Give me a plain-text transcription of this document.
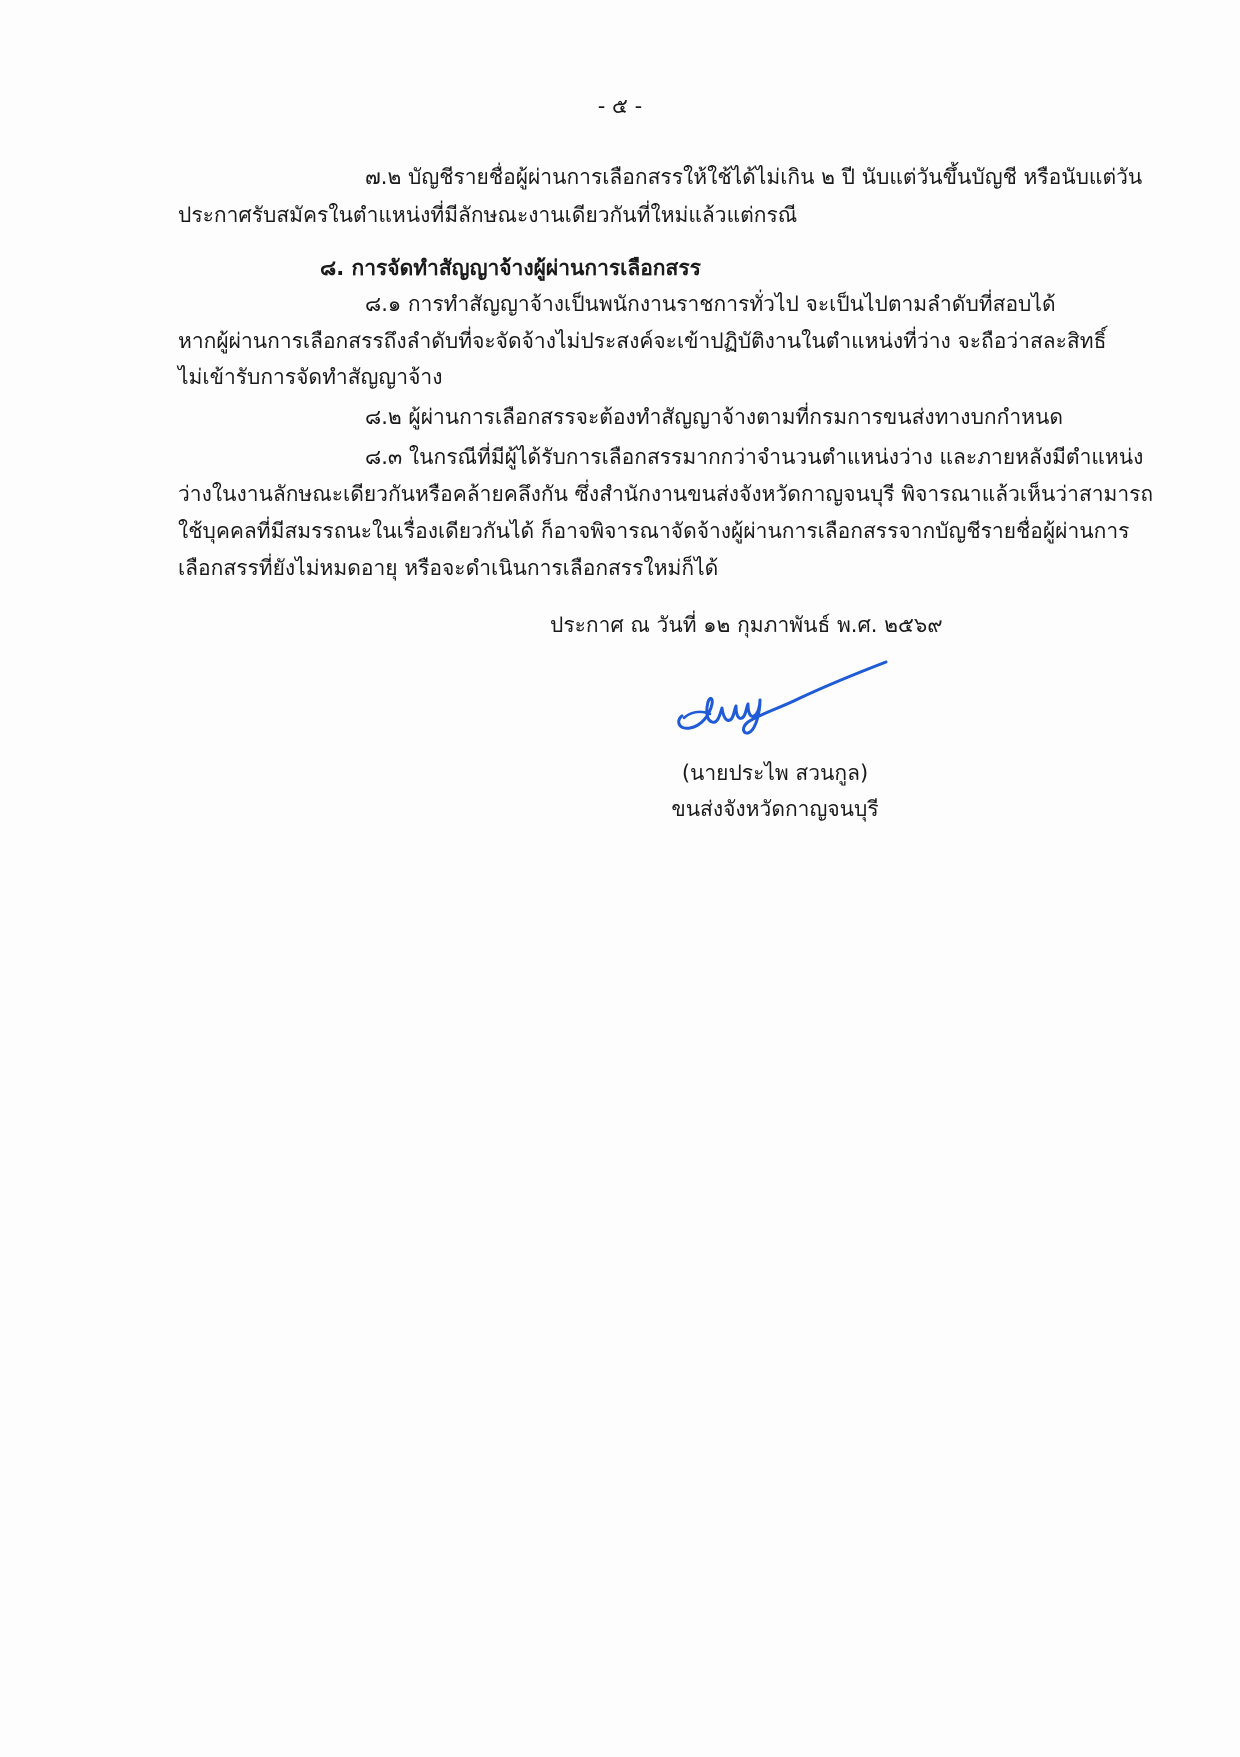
- ๕ -
๗.๒ บัญชีรายชื่อผู้ผ่านการเลือกสรรให้ใช้ได้ไม่เกิน ๒ ปี นับแต่วันขึ้นบัญชี หรือนับแต่วัน
ประกาศรับสมัครในตำแหน่งที่มีลักษณะงานเดียวกันที่ใหม่แล้วแต่กรณี
๘. การจัดทำสัญญาจ้างผู้ผ่านการเลือกสรร
๘.๑ การทำสัญญาจ้างเป็นพนักงานราชการทั่วไป จะเป็นไปตามลำดับที่สอบได้
หากผู้ผ่านการเลือกสรรถึงลำดับที่จะจัดจ้างไม่ประสงค์จะเข้าปฏิบัติงานในตำแหน่งที่ว่าง จะถือว่าสละสิทธิ์
ไม่เข้ารับการจัดทำสัญญาจ้าง
๘.๒ ผู้ผ่านการเลือกสรรจะต้องทำสัญญาจ้างตามที่กรมการขนส่งทางบกกำหนด
๘.๓ ในกรณีที่มีผู้ได้รับการเลือกสรรมากกว่าจำนวนตำแหน่งว่าง และภายหลังมีตำแหน่ง
ว่างในงานลักษณะเดียวกันหรือคล้ายคลึงกัน ซึ่งสำนักงานขนส่งจังหวัดกาญจนบุรี พิจารณาแล้วเห็นว่าสามารถ
ใช้บุคคลที่มีสมรรถนะในเรื่องเดียวกันได้ ก็อาจพิจารณาจัดจ้างผู้ผ่านการเลือกสรรจากบัญชีรายชื่อผู้ผ่านการ
เลือกสรรที่ยังไม่หมดอายุ หรือจะดำเนินการเลือกสรรใหม่ก็ได้
ประกาศ ณ วันที่ ๑๒ กุมภาพันธ์ พ.ศ. ๒๕๖๙
(นายประไพ สวนกูล)
ขนส่งจังหวัดกาญจนบุรี
